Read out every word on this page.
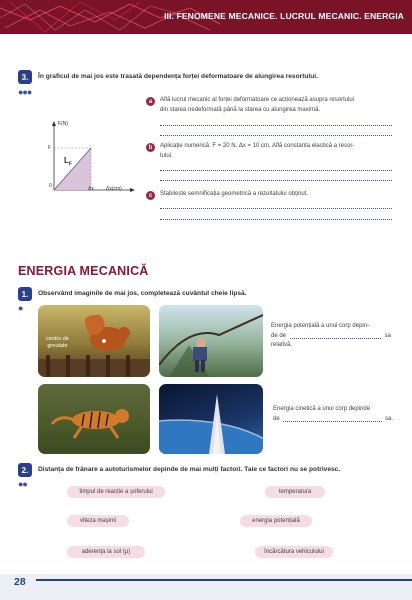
III. FENOMENE MECANICE. LUCRUL MECANIC. ENERGIA
3.
●●●
În graficul de mai jos este trasată dependența forței deformatoare de alungirea resortului.
F(N)
F
0	Δx Δx(cm)
$L_F$
a	Află lucrul mecanic al forței deformatoare ce acționează asupra resortului
din starea nedeformată până la starea cu alungirea maximă.
b	Aplicație numerică: F = 20 N, Δx = 10 cm. Află constanta elastică a resor-
tului.
c	Stabilește semnificația geometrică a rezultatului obținut.
ENERGIA MECANICĂ
1.
●
Observând imaginile de mai jos, completează cuvântul cheie lipsă.
centru de
greutate
Energia potențială a unui corp depin-
de de	sa
relativă.
Energia cinetică a unui corp depinde
de	sa.
2.
●●
Distanța de frânare a autoturismelor depinde de mai mulți factori. Taie ce factori nu se potrivesc.
timpul de reacție a șoferului	temperatura
viteza mașinii	energia potențială
aderența la sol (μ)	încărcătura vehiculului
28
